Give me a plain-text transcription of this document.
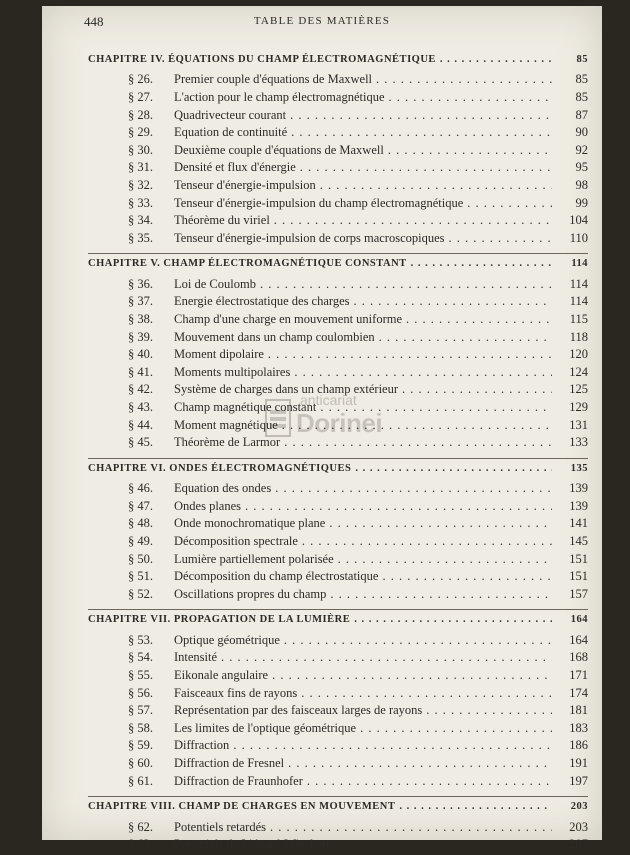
448	TABLE DES MATIÈRES
anticariat
Dorinei
CHAPITRE IV. ÉQUATIONS DU CHAMP ÉLECTROMAGNÉTIQUE . . .	85
§ 26.	Premier couple d'équations de Maxwell . . .	85
§ 27.	L'action pour le champ électromagnétique . . .	85
§ 28.	Quadrivecteur courant . . .	87
§ 29.	Equation de continuité . . .	90
§ 30.	Deuxième couple d'équations de Maxwell . . .	92
§ 31.	Densité et flux d'énergie . . .	95
§ 32.	Tenseur d'énergie-impulsion . . .	98
§ 33.	Tenseur d'énergie-impulsion du champ électromagnétique . . .	99
§ 34.	Théorème du viriel . . .	104
§ 35.	Tenseur d'énergie-impulsion de corps macroscopiques . . .	110
CHAPITRE V. CHAMP ÉLECTROMAGNÉTIQUE CONSTANT . . .	114
§ 36.	Loi de Coulomb . . .	114
§ 37.	Energie électrostatique des charges . . .	114
§ 38.	Champ d'une charge en mouvement uniforme . . .	115
§ 39.	Mouvement dans un champ coulombien . . .	118
§ 40.	Moment dipolaire . . .	120
§ 41.	Moments multipolaires . . .	124
§ 42.	Système de charges dans un champ extérieur . . .	125
§ 43.	Champ magnétique constant . . .	129
§ 44.	Moment magnétique . . .	131
§ 45.	Théorème de Larmor . . .	133
CHAPITRE VI. ONDES ÉLECTROMAGNÉTIQUES . . .	135
§ 46.	Equation des ondes . . .	139
§ 47.	Ondes planes . . .	139
§ 48.	Onde monochromatique plane . . .	141
§ 49.	Décomposition spectrale . . .	145
§ 50.	Lumière partiellement polarisée . . .	151
§ 51.	Décomposition du champ électrostatique . . .	151
§ 52.	Oscillations propres du champ . . .	157
CHAPITRE VII. PROPAGATION DE LA LUMIÈRE . . .	164
§ 53.	Optique géométrique . . .	164
§ 54.	Intensité . . .	168
§ 55.	Eikonale angulaire . . .	171
§ 56.	Faisceaux fins de rayons . . .	174
§ 57.	Représentation par des faisceaux larges de rayons . . .	181
§ 58.	Les limites de l'optique géométrique . . .	183
§ 59.	Diffraction . . .	186
§ 60.	Diffraction de Fresnel . . .	191
§ 61.	Diffraction de Fraunhofer . . .	197
CHAPITRE VIII. CHAMP DE CHARGES EN MOUVEMENT . . .	203
§ 62.	Potentiels retardés . . .	203
§ 63.	Potentiels de Liénard-Wiechert . . .	207
